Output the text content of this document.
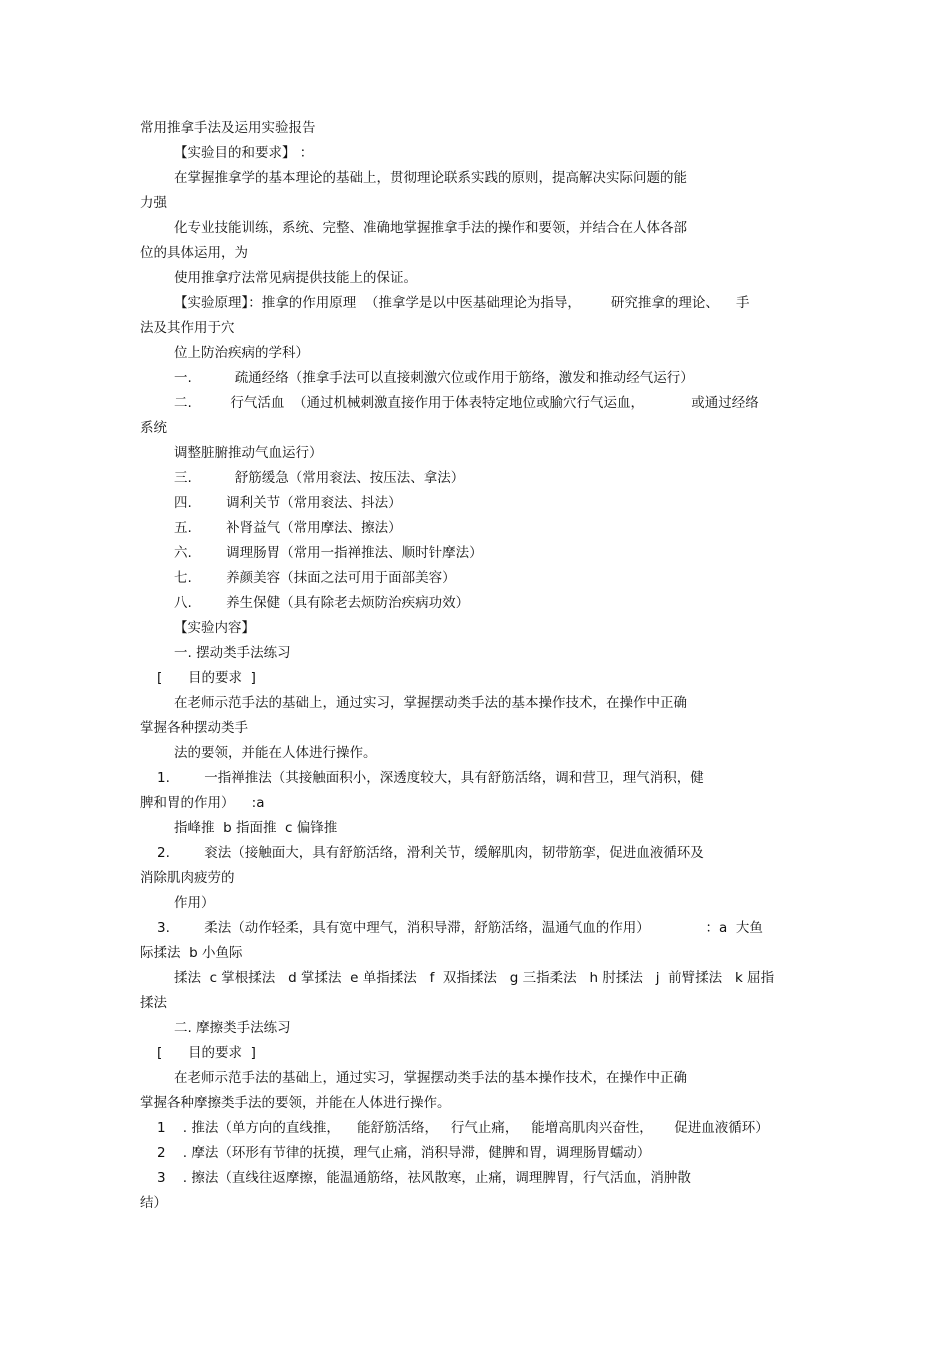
常用推拿手法及运用实验报告

【实验目的和要求】 ：

在掌握推拿学的基本理论的基础上，贯彻理论联系实践的原则，提高解决实际问题的能

力强

化专业技能训练，系统、完整、准确地掌握推拿手法的操作和要领，并结合在人体各部

位的具体运用，为

使用推拿疗法常见病提供技能上的保证。

【实验原理】：推拿的作用原理  （推拿学是以中医基础理论为指导，       研究推拿的理论、    手

法及其作用于穴

位上防治疾病的学科）

一.          疏通经络（推拿手法可以直接刺激穴位或作用于筋络，激发和推动经气运行）

二.         行气活血  （通过机械刺激直接作用于体表特定地位或腧穴行气运血，           或通过经络

系统

调整脏腑推动气血运行）

三.          舒筋缓急（常用衮法、按压法、拿法）

四.        调利关节（常用衮法、抖法）

五.        补肾益气（常用摩法、擦法）

六.        调理肠胃（常用一指禅推法、顺时针摩法）

七.        养颜美容（抹面之法可用于面部美容）

八.        养生保健（具有除老去烦防治疾病功效）

【实验内容】

一. 摆动类手法练习

[      目的要求  ]

在老师示范手法的基础上，通过实习，掌握摆动类手法的基本操作技术，在操作中正确

掌握各种摆动类手

法的要领，并能在人体进行操作。

1.        一指禅推法（其接触面积小，深透度较大，具有舒筋活络，调和营卫，理气消积，健

脾和胃的作用）    :a

指峰推  b 指面推  c 偏锋推

2.        衮法（接触面大，具有舒筋活络，滑利关节，缓解肌肉，韧带筋挛，促进血液循环及

消除肌肉疲劳的

作用）

3.        柔法（动作轻柔，具有宽中理气，消积导滞，舒筋活络，温通气血的作用）             ：a  大鱼

际揉法  b 小鱼际

揉法  c 掌根揉法   d 掌揉法  e 单指揉法   f  双指揉法   g 三指柔法   h 肘揉法   j  前臂揉法   k 屈指

揉法

二. 摩擦类手法练习

[      目的要求  ]

在老师示范手法的基础上，通过实习，掌握摆动类手法的基本操作技术，在操作中正确

掌握各种摩擦类手法的要领，并能在人体进行操作。

1    . 推法（单方向的直线推，    能舒筋活络，   行气止痛，   能增高肌肉兴奋性，     促进血液循环）

2    . 摩法（环形有节律的抚摸，理气止痛，消积导滞，健脾和胃，调理肠胃蠕动）

3    . 擦法（直线往返摩擦，能温通筋络，祛风散寒，止痛，调理脾胃，行气活血，消肿散

结）
